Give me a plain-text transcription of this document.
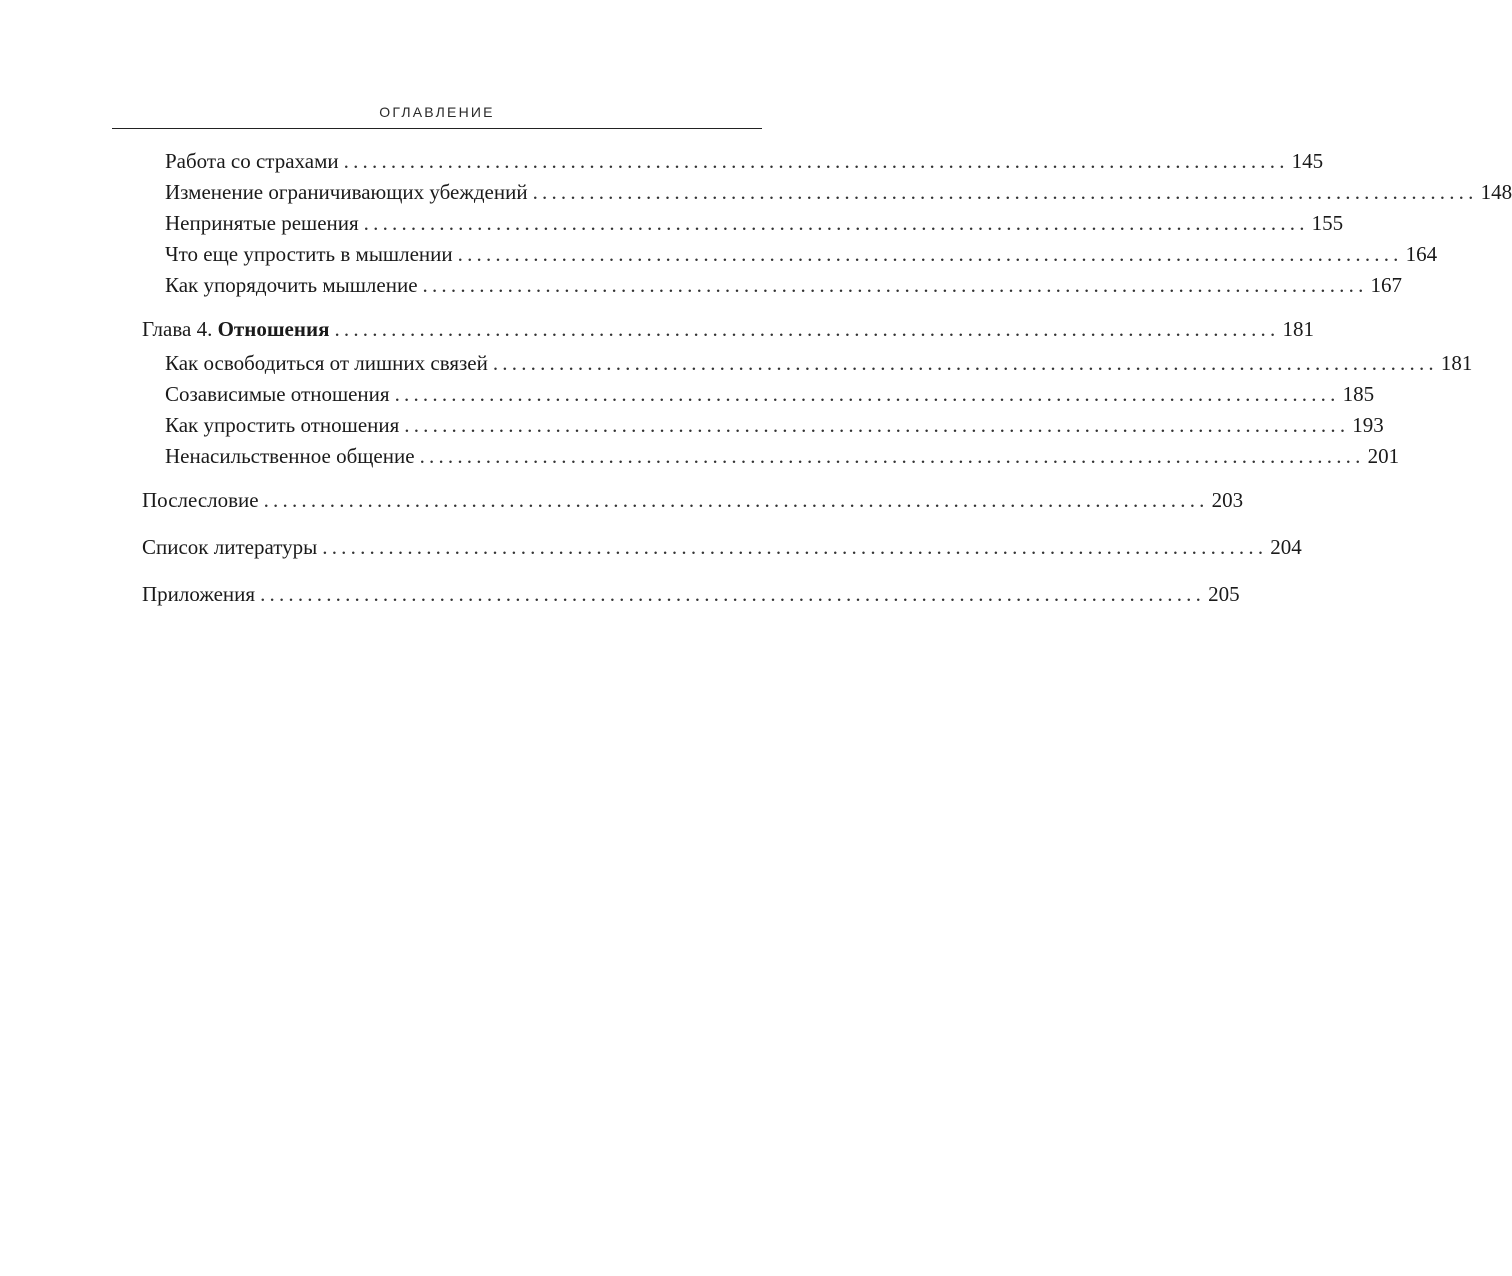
ОГЛАВЛЕНИЕ
Работа со страхами .................................................................................................... 145
Изменение ограничивающих убеждений .................................................................................................... 148
Непринятые решения .................................................................................................... 155
Что еще упростить в мышлении .................................................................................................... 164
Как упорядочить мышление .................................................................................................... 167
Глава 4. Отношения .................................................................................................... 181
Как освободиться от лишних связей .................................................................................................... 181
Созависимые отношения .................................................................................................... 185
Как упростить отношения .................................................................................................... 193
Ненасильственное общение .................................................................................................... 201
Послесловие .................................................................................................... 203
Список литературы .................................................................................................... 204
Приложения .................................................................................................... 205
